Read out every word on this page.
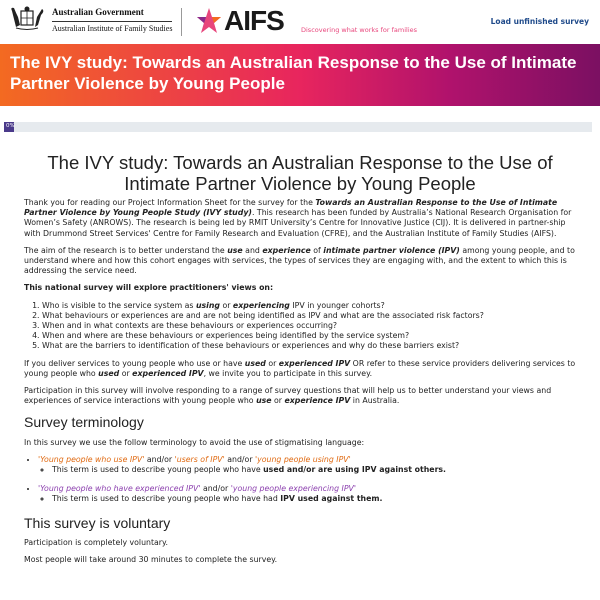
Australian Government
Australian Institute of Family Studies AIFS	Discovering what works for families
Load unfinished survey
The IVY study: Towards an Australian Response to the Use of Intimate Partner Violence by Young People
0%
The IVY study: Towards an Australian Response to the Use of Intimate Partner Violence by Young People

Thank you for reading our Project Information Sheet for the survey for the Towards an Australian Response to the Use of Intimate Partner Violence by Young People Study (IVY study). This research has been funded by Australia’s National Research Organisation for Women’s Safety (ANROWS). The research is being led by RMIT University’s Centre for Innovative Justice (CIJ). It is delivered in partner-ship with Drummond Street Services' Centre for Family Research and Evaluation (CFRE), and the Australian Institute of Family Studies (AIFS).

The aim of the research is to better understand the use and experience of intimate partner violence (IPV) among young people, and to understand where and how this cohort engages with services, the types of services they are engaging with, and the extent to which this is addressing the service need.

This national survey will explore practitioners' views on:

1. Who is visible to the service system as using or experiencing IPV in younger cohorts?
2. What behaviours or experiences are and are not being identified as IPV and what are the associated risk factors?
3. When and in what contexts are these behaviours or experiences occurring?
4. When and where are these behaviours or experiences being identified by the service system?
5. What are the barriers to identification of these behaviours or experiences and why do these barriers exist?

If you deliver services to young people who use or have used or experienced IPV OR refer to these service providers delivering services to young people who used or experienced IPV, we invite you to participate in this survey.

Participation in this survey will involve responding to a range of survey questions that will help us to better understand your views and experiences of service interactions with young people who use or experience IPV in Australia.

Survey terminology

In this survey we use the follow terminology to avoid the use of stigmatising language:

• 'Young people who use IPV' and/or 'users of IPV' and/or 'young people using IPV'
◦ This term is used to describe young people who have used and/or are using IPV against others.
• 'Young people who have experienced IPV' and/or 'young people experiencing IPV'
◦ This term is used to describe young people who have had IPV used against them.
This survey is voluntary

Participation is completely voluntary.

Most people will take around 30 minutes to complete the survey.
